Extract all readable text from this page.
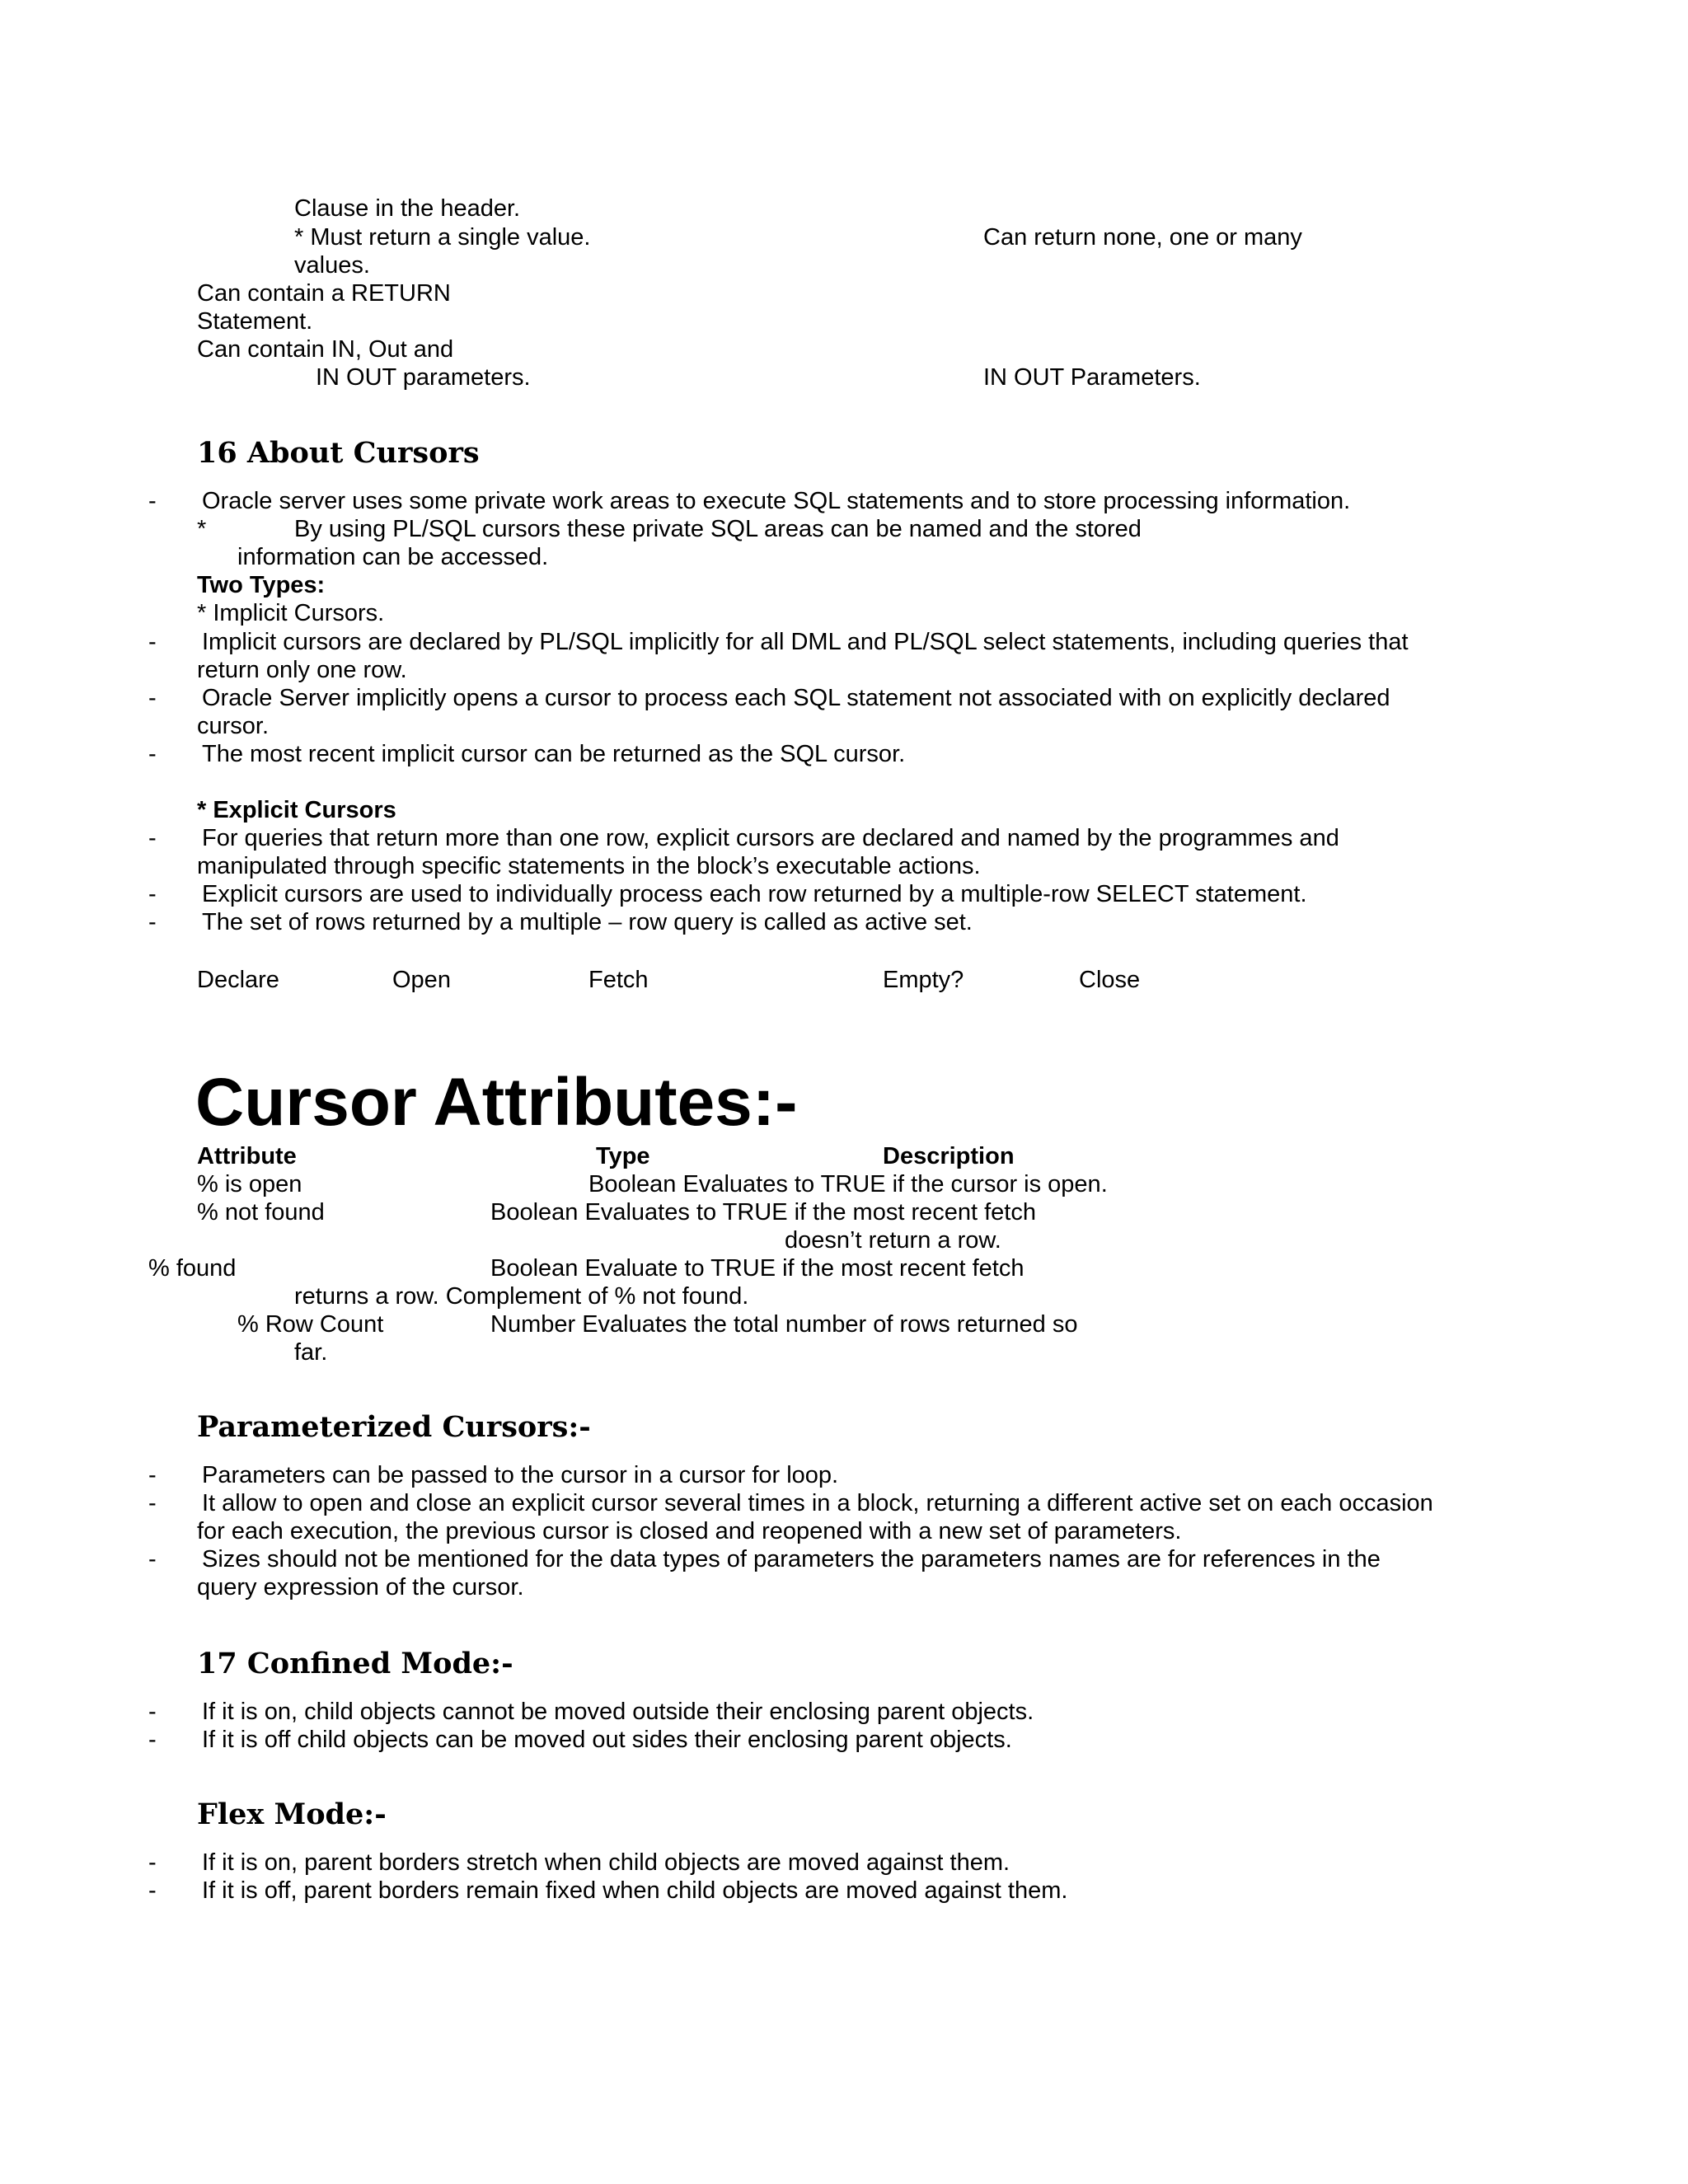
Clause in the header.
* Must return a single value.	Can return none, one or many
values.
Can contain a RETURN
Statement.
Can contain IN, Out and
IN OUT parameters.	IN OUT Parameters.
16 About Cursors
- Oracle server uses some private work areas to execute SQL statements and to store processing information.
*	By using PL/SQL cursors these private SQL areas can be named and the stored
information can be accessed.
Two Types:
* Implicit Cursors.
- Implicit cursors are declared by PL/SQL implicitly for all DML and PL/SQL select statements, including queries that
return only one row.
- Oracle Server implicitly opens a cursor to process each SQL statement not associated with on explicitly declared
cursor.
- The most recent implicit cursor can be returned as the SQL cursor.
* Explicit Cursors
- For queries that return more than one row, explicit cursors are declared and named by the programmes and
manipulated through specific statements in the block’s executable actions.
- Explicit cursors are used to individually process each row returned by a multiple-row SELECT statement.
- The set of rows returned by a multiple – row query is called as active set.
Declare	Open	Fetch	Empty?	Close
Cursor Attributes:-
Attribute	Type	Description
% is open	Boolean Evaluates to TRUE if the cursor is open.
% not found	Boolean Evaluates to TRUE if the most recent fetch
doesn’t return a row.
% found	Boolean Evaluate to TRUE if the most recent fetch
returns a row. Complement of % not found.
% Row Count	Number Evaluates the total number of rows returned so
far.
Parameterized Cursors:-
- Parameters can be passed to the cursor in a cursor for loop.
- It allow to open and close an explicit cursor several times in a block, returning a different active set on each occasion
for each execution, the previous cursor is closed and reopened with a new set of parameters.
- Sizes should not be mentioned for the data types of parameters the parameters names are for references in the
query expression of the cursor.
17 Confined Mode:-
- If it is on, child objects cannot be moved outside their enclosing parent objects.
- If it is off child objects can be moved out sides their enclosing parent objects.
Flex Mode:-
- If it is on, parent borders stretch when child objects are moved against them.
- If it is off, parent borders remain fixed when child objects are moved against them.
